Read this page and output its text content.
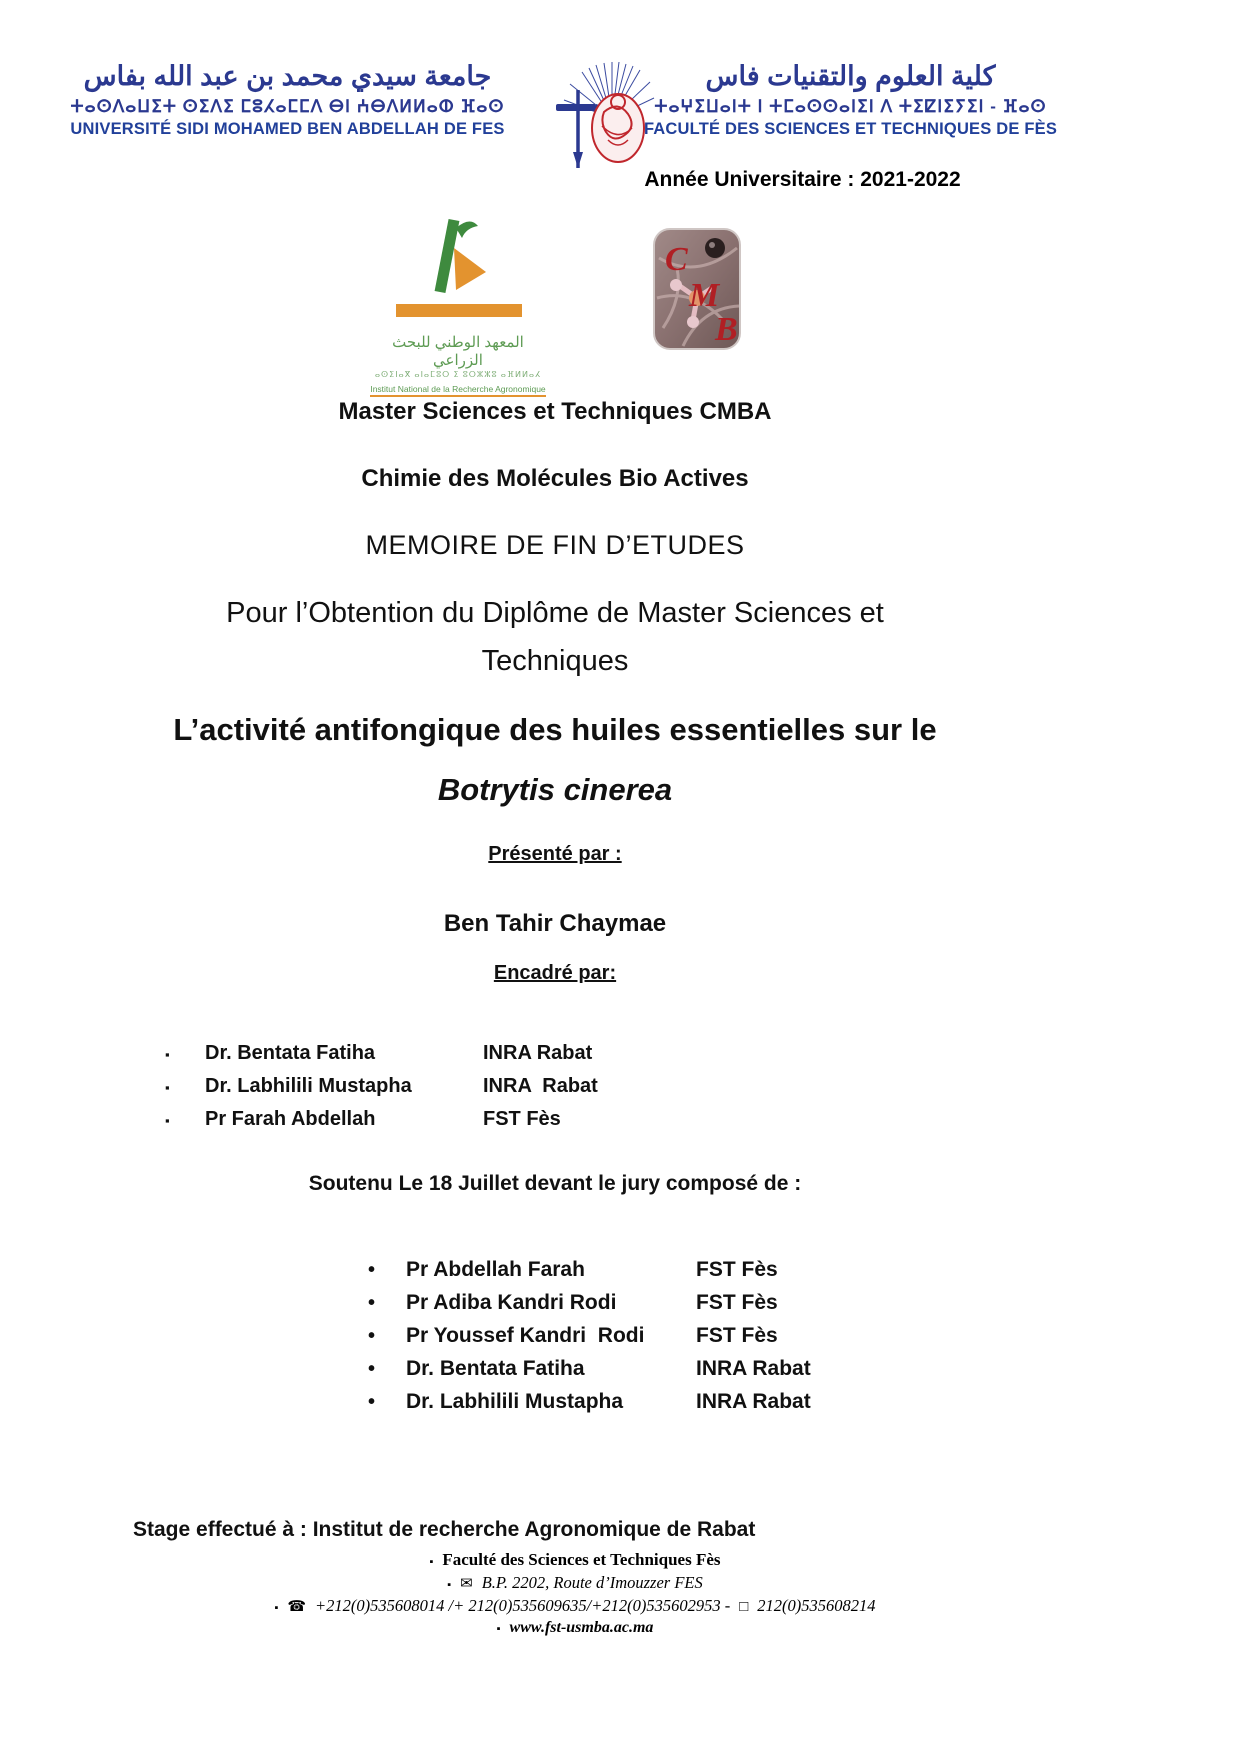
جامعة سيدي محمد بن عبد الله بفاس
ⵜⴰⵙⴷⴰⵡⵉⵜ ⵙⵉⴷⵉ ⵎⵓⵃⴰⵎⵎⴷ ⴱⵏ ⵄⴱⴷⵍⵍⴰⵀ ⴼⴰⵙ
UNIVERSITÉ SIDI MOHAMED BEN ABDELLAH DE FES
كلية العلوم والتقنيات فاس
ⵜⴰⵖⵉⵡⴰⵏⵜ ⵏ ⵜⵎⴰⵙⵙⴰⵏⵉⵏ ⴷ ⵜⵉⵇⵏⵉⵢⵉⵏ - ⴼⴰⵙ
FACULTÉ DES SCIENCES ET TECHNIQUES DE FÈS
Année Universitaire : 2021-2022
المعهد الوطني للبحث الزراعي
ⴰⵙⵉⵏⴰⴳ ⴰⵏⴰⵎⵓⵔ ⵉ ⵓⵔⵣⵣⵓ ⴰⴼⵍⵍⴰⵃ
Institut National de la Recherche Agronomique
C
M
B
Master Sciences et Techniques CMBA
Chimie des Molécules Bio Actives
MEMOIRE DE FIN D’ETUDES
Pour l’Obtention du Diplôme de Master Sciences et
Techniques
L’activité antifongique des huiles essentielles sur le
Botrytis cinerea
Présenté par :
Ben Tahir Chaymae
Encadré par:
▪	Dr. Bentata Fatiha	INRA Rabat
▪	Dr. Labhilili Mustapha	INRA  Rabat
▪	Pr Farah Abdellah	FST Fès
Soutenu Le 18 Juillet devant le jury composé de :
•	Pr Abdellah Farah	FST Fès
•	Pr Adiba Kandri Rodi	FST Fès
•	Pr Youssef Kandri  Rodi	FST Fès
•	Dr. Bentata Fatiha	INRA Rabat
•	Dr. Labhilili Mustapha	INRA Rabat
Stage effectué à : Institut de recherche Agronomique de Rabat
▪ Faculté des Sciences et Techniques Fès
▪ ✉ B.P. 2202, Route d’Imouzzer FES
▪ ☎ +212(0)535608014 /+ 212(0)535609635/+212(0)535602953 - □ 212(0)535608214
▪ www.fst-usmba.ac.ma
